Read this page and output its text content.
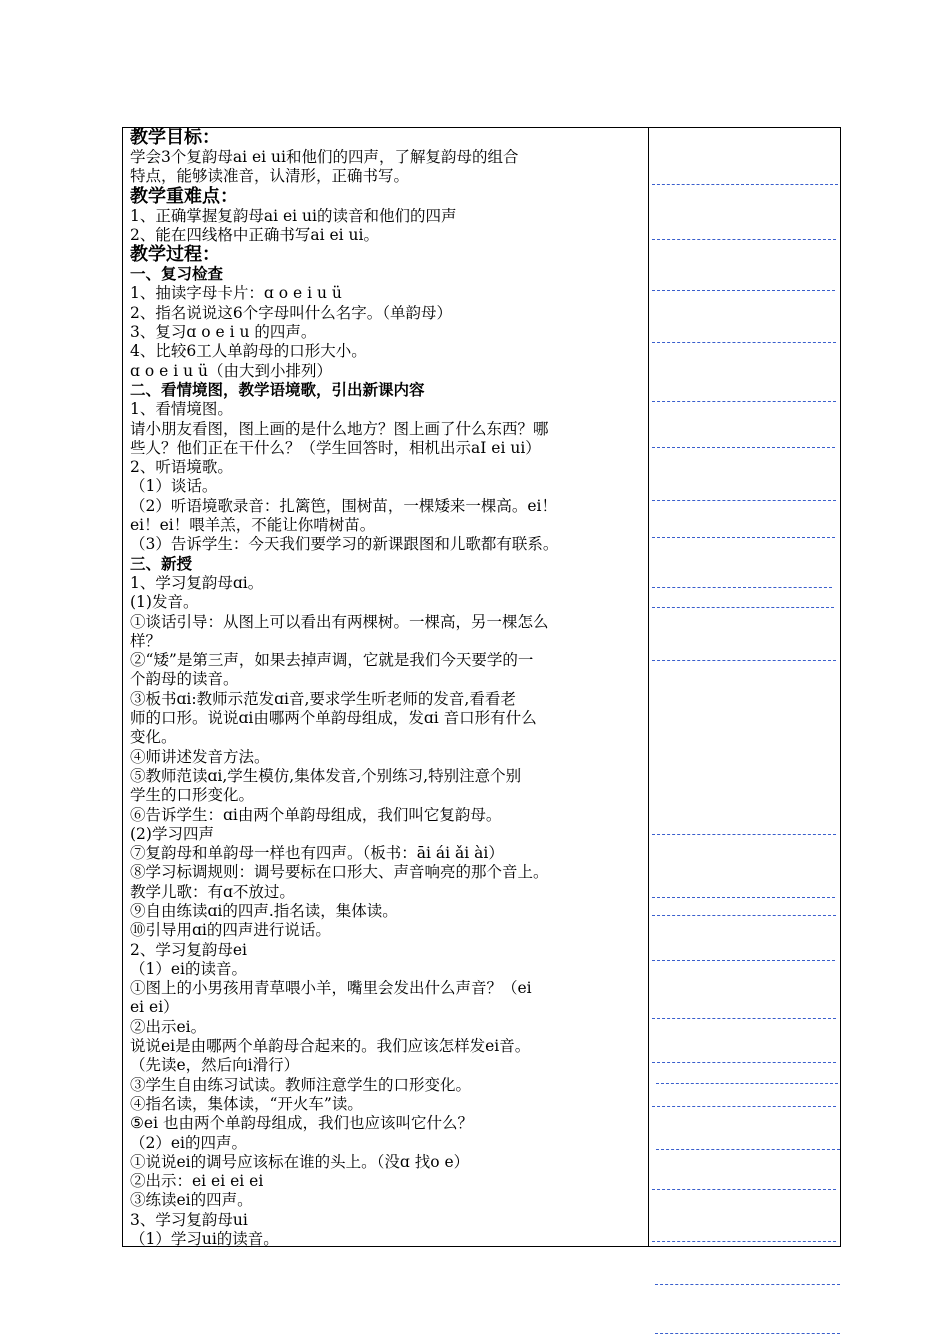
教学目标：
学会3个复韵母ai ei ui和他们的四声，了解复韵母的组合
特点，能够读准音，认清形，正确书写。
教学重难点：
1、正确掌握复韵母ai ei ui的读音和他们的四声
2、能在四线格中正确书写ai ei ui。
教学过程：
一、复习检查
1、抽读字母卡片：ɑ o e i u ü
2、指名说说这6个字母叫什么名字。（单韵母）
3、复习ɑ o e i u 的四声。
4、比较6工人单韵母的口形大小。
ɑ o e i u ü（由大到小排列）
二、看情境图，教学语境歌，引出新课内容
1、看情境图。
请小朋友看图，图上画的是什么地方？图上画了什么东西？哪
些人？他们正在干什么？（学生回答时，相机出示aI ei ui）
2、听语境歌。
（1）谈话。
（2）听语境歌录音：扎篱笆，围树苗，一棵矮来一棵高。ei！
ei！ei！喂羊羔，不能让你啃树苗。
（3）告诉学生：今天我们要学习的新课跟图和儿歌都有联系。
三、新授
1、学习复韵母ɑi。
(1)发音。
①谈话引导：从图上可以看出有两棵树。一棵高，另一棵怎么
样？
②“矮”是第三声，如果去掉声调，它就是我们今天要学的一
个韵母的读音。
③板书ɑi:教师示范发ɑi音,要求学生听老师的发音,看看老
师的口形。说说ɑi由哪两个单韵母组成，发ɑi 音口形有什么
变化。
④师讲述发音方法。
⑤教师范读ɑi,学生模仿,集体发音,个别练习,特别注意个别
学生的口形变化。
⑥告诉学生：ɑi由两个单韵母组成，我们叫它复韵母。
(2)学习四声
⑦复韵母和单韵母一样也有四声。（板书：āi ái ǎi ài）
⑧学习标调规则：调号要标在口形大、声音响亮的那个音上。
教学儿歌：有ɑ不放过。
⑨自由练读ɑi的四声.指名读，集体读。
⑩引导用ɑi的四声进行说话。
2、学习复韵母ei
（1）ei的读音。
①图上的小男孩用青草喂小羊，嘴里会发出什么声音？（ei
ei ei）
②出示ei。
说说ei是由哪两个单韵母合起来的。我们应该怎样发ei音。
（先读e，然后向i滑行）
③学生自由练习试读。教师注意学生的口形变化。
④指名读，集体读，“开火车”读。
⑤ei 也由两个单韵母组成，我们也应该叫它什么？
（2）ei的四声。
①说说ei的调号应该标在谁的头上。（没ɑ 找o e）
②出示：ei ei ei ei
③练读ei的四声。
3、学习复韵母ui
（1）学习ui的读音。
